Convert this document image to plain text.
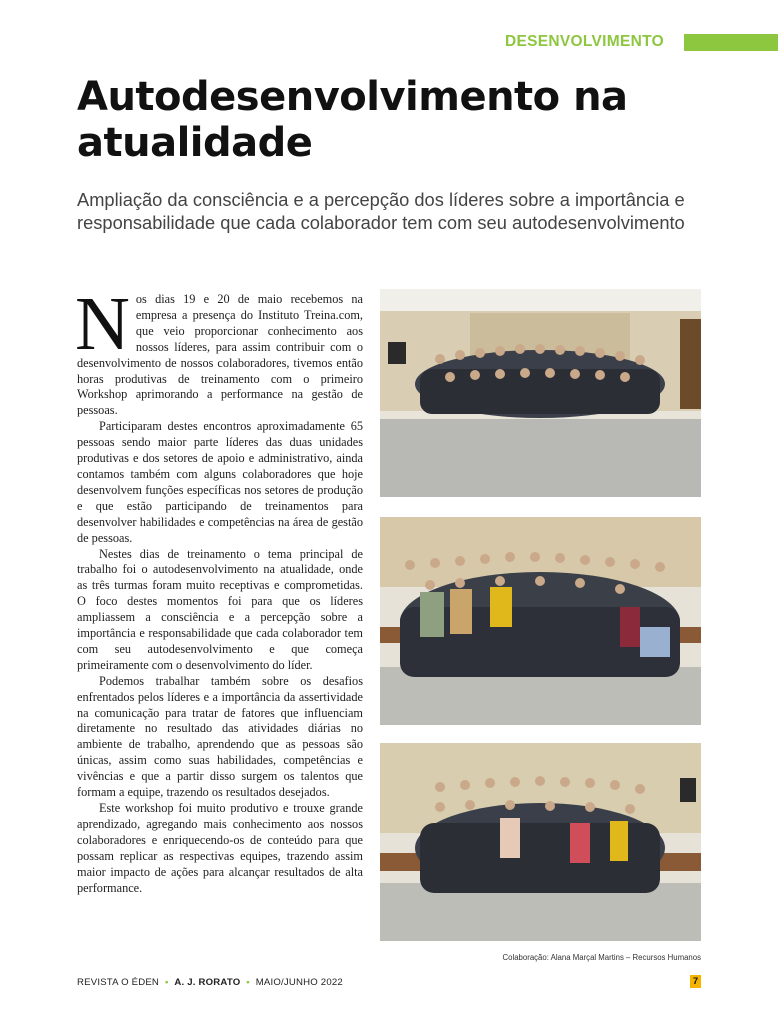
DESENVOLVIMENTO
Autodesenvolvimento na atualidade

Ampliação da consciência e a percepção dos líderes sobre a importância e responsabilidade que cada colaborador tem com seu autodesenvolvimento

Nos dias 19 e 20 de maio recebemos na empresa a presença do Instituto Treina.com, que veio proporcionar conhecimento aos nossos líderes, para assim contribuir com o desenvolvimento de nossos colaboradores, tivemos então horas produtivas de treinamento com o primeiro Workshop aprimorando a performance na gestão de pessoas.

Participaram destes encontros aproximadamente 65 pessoas sendo maior parte líderes das duas unidades produtivas e dos setores de apoio e administrativo, ainda contamos também com alguns colaboradores que hoje desenvolvem funções específicas nos setores de produção e que estão participando de treinamentos para desenvolver habilidades e competências na área de gestão de pessoas.

Nestes dias de treinamento o tema principal de trabalho foi o autodesenvolvimento na atualidade, onde as três turmas foram muito receptivas e comprometidas. O foco destes momentos foi para que os líderes ampliassem a consciência e a percepção sobre a importância e responsabilidade que cada colaborador tem com seu autodesenvolvimento e que começa primeiramente com o desenvolvimento do líder.

Podemos trabalhar também sobre os desafios enfrentados pelos líderes e a importância da assertividade na comunicação para tratar de fatores que influenciam diretamente no resultado das atividades diárias no ambiente de trabalho, aprendendo que as pessoas são únicas, assim como suas habilidades, competências e vivências e que a partir disso surgem os talentos que formam a equipe, trazendo os resultados desejados.

Este workshop foi muito produtivo e trouxe grande aprendizado, agregando mais conhecimento aos nossos colaboradores e enriquecendo-os de conteúdo para que possam replicar as respectivas equipes, trazendo assim maior impacto de ações para alcançar resultados de alta performance.

Colaboração: Alana Marçal Martins – Recursos Humanos
REVISTA O ÉDEN • A. J. RORATO • MAIO/JUNHO 2022	7
